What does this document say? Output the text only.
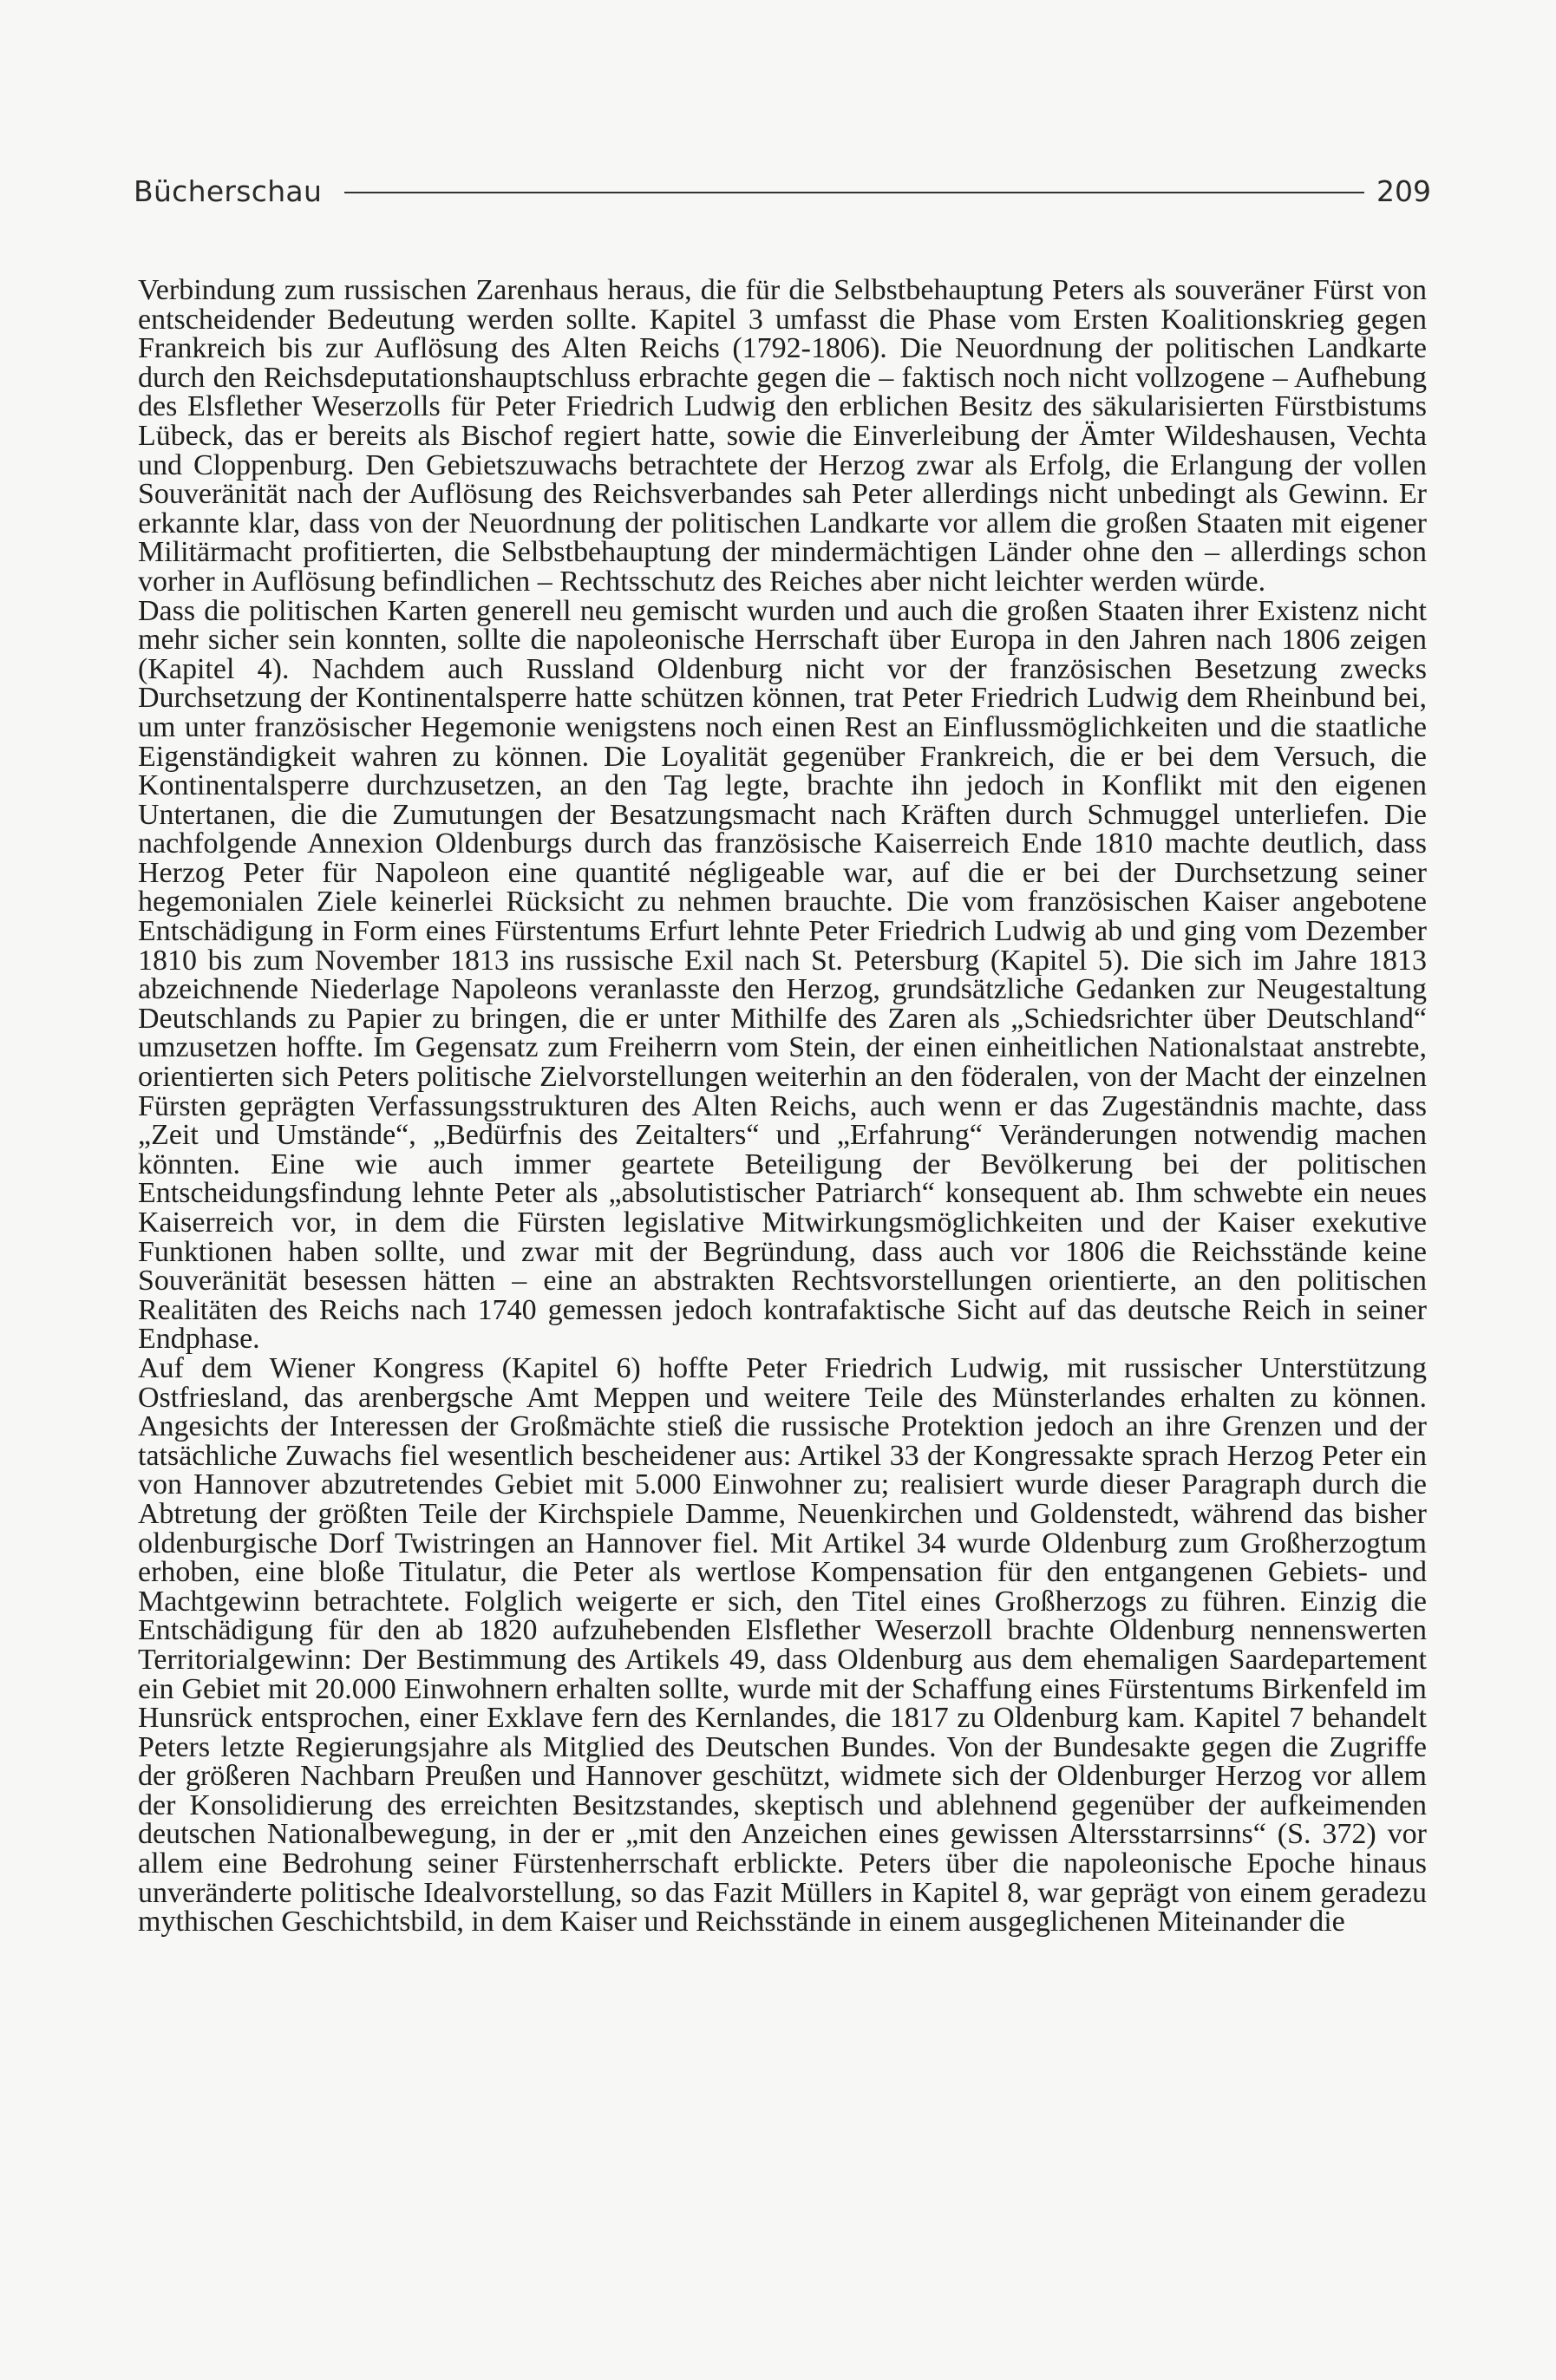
Bücherschau	209

Verbindung zum russischen Zarenhaus heraus, die für die Selbstbehauptung Peters als souveräner Fürst von entscheidender Bedeutung werden sollte. Kapitel 3 umfasst die Phase vom Ersten Koalitionskrieg gegen Frankreich bis zur Auflösung des Alten Reichs (1792-1806). Die Neuordnung der politischen Landkarte durch den Reichsdeputationshauptschluss erbrachte gegen die – faktisch noch nicht vollzogene – Aufhebung des Elsflether Weserzolls für Peter Friedrich Ludwig den erblichen Besitz des säkularisierten Fürstbistums Lübeck, das er bereits als Bischof regiert hatte, sowie die Einverleibung der Ämter Wildeshausen, Vechta und Cloppenburg. Den Gebietszuwachs betrachtete der Herzog zwar als Erfolg, die Erlangung der vollen Souveränität nach der Auflösung des Reichsverbandes sah Peter allerdings nicht unbedingt als Gewinn. Er erkannte klar, dass von der Neuordnung der politischen Landkarte vor allem die großen Staaten mit eigener Militärmacht profitierten, die Selbstbehauptung der mindermächtigen Länder ohne den – allerdings schon vorher in Auflösung befindlichen – Rechtsschutz des Reiches aber nicht leichter werden würde.

Dass die politischen Karten generell neu gemischt wurden und auch die großen Staaten ihrer Existenz nicht mehr sicher sein konnten, sollte die napoleonische Herrschaft über Europa in den Jahren nach 1806 zeigen (Kapitel 4). Nachdem auch Russland Oldenburg nicht vor der französischen Besetzung zwecks Durchsetzung der Kontinentalsperre hatte schützen können, trat Peter Friedrich Ludwig dem Rheinbund bei, um unter französischer Hegemonie wenigstens noch einen Rest an Einflussmöglichkeiten und die staatliche Eigenständigkeit wahren zu können. Die Loyalität gegenüber Frankreich, die er bei dem Versuch, die Kontinentalsperre durchzusetzen, an den Tag legte, brachte ihn jedoch in Konflikt mit den eigenen Untertanen, die die Zumutungen der Besatzungsmacht nach Kräften durch Schmuggel unterliefen. Die nachfolgende Annexion Oldenburgs durch das französische Kaiserreich Ende 1810 machte deutlich, dass Herzog Peter für Napoleon eine quantité négligeable war, auf die er bei der Durchsetzung seiner hegemonialen Ziele keinerlei Rücksicht zu nehmen brauchte. Die vom französischen Kaiser angebotene Entschädigung in Form eines Fürstentums Erfurt lehnte Peter Friedrich Ludwig ab und ging vom Dezember 1810 bis zum November 1813 ins russische Exil nach St. Petersburg (Kapitel 5). Die sich im Jahre 1813 abzeichnende Niederlage Napoleons veranlasste den Herzog, grundsätzliche Gedanken zur Neugestaltung Deutschlands zu Papier zu bringen, die er unter Mithilfe des Zaren als „Schiedsrichter über Deutschland“ umzusetzen hoffte. Im Gegensatz zum Freiherrn vom Stein, der einen einheitlichen Nationalstaat anstrebte, orientierten sich Peters politische Zielvorstellungen weiterhin an den föderalen, von der Macht der einzelnen Fürsten geprägten Verfassungsstrukturen des Alten Reichs, auch wenn er das Zugeständnis machte, dass „Zeit und Umstände“, „Bedürfnis des Zeitalters“ und „Erfahrung“ Veränderungen notwendig machen könnten. Eine wie auch immer geartete Beteiligung der Bevölkerung bei der politischen Entscheidungsfindung lehnte Peter als „absolutistischer Patriarch“ konsequent ab. Ihm schwebte ein neues Kaiserreich vor, in dem die Fürsten legislative Mitwirkungsmöglichkeiten und der Kaiser exekutive Funktionen haben sollte, und zwar mit der Begründung, dass auch vor 1806 die Reichsstände keine Souveränität besessen hätten – eine an abstrakten Rechtsvorstellungen orientierte, an den politischen Realitäten des Reichs nach 1740 gemessen jedoch kontrafaktische Sicht auf das deutsche Reich in seiner Endphase.

Auf dem Wiener Kongress (Kapitel 6) hoffte Peter Friedrich Ludwig, mit russischer Unterstützung Ostfriesland, das arenbergsche Amt Meppen und weitere Teile des Münsterlandes erhalten zu können. Angesichts der Interessen der Großmächte stieß die russische Protektion jedoch an ihre Grenzen und der tatsächliche Zuwachs fiel wesentlich bescheidener aus: Artikel 33 der Kongressakte sprach Herzog Peter ein von Hannover abzutretendes Gebiet mit 5.000 Einwohner zu; realisiert wurde dieser Paragraph durch die Abtretung der größten Teile der Kirchspiele Damme, Neuenkirchen und Goldenstedt, während das bisher oldenburgische Dorf Twistringen an Hannover fiel. Mit Artikel 34 wurde Oldenburg zum Großherzogtum erhoben, eine bloße Titulatur, die Peter als wertlose Kompensation für den entgangenen Gebiets- und Machtgewinn betrachtete. Folglich weigerte er sich, den Titel eines Großherzogs zu führen. Einzig die Entschädigung für den ab 1820 aufzuhebenden Elsflether Weserzoll brachte Oldenburg nennenswerten Territorialgewinn: Der Bestimmung des Artikels 49, dass Oldenburg aus dem ehemaligen Saardepartement ein Gebiet mit 20.000 Einwohnern erhalten sollte, wurde mit der Schaffung eines Fürstentums Birkenfeld im Hunsrück entsprochen, einer Exklave fern des Kernlandes, die 1817 zu Oldenburg kam. Kapitel 7 behandelt Peters letzte Regierungsjahre als Mitglied des Deutschen Bundes. Von der Bundesakte gegen die Zugriffe der größeren Nachbarn Preußen und Hannover geschützt, widmete sich der Oldenburger Herzog vor allem der Konsolidierung des erreichten Besitzstandes, skeptisch und ablehnend gegenüber der aufkeimenden deutschen Nationalbewegung, in der er „mit den Anzeichen eines gewissen Altersstarrsinns“ (S. 372) vor allem eine Bedrohung seiner Fürstenherrschaft erblickte. Peters über die napoleonische Epoche hinaus unveränderte politische Idealvorstellung, so das Fazit Müllers in Kapitel 8, war geprägt von einem geradezu mythischen Geschichtsbild, in dem Kaiser und Reichsstände in einem ausgeglichenen Miteinander die
